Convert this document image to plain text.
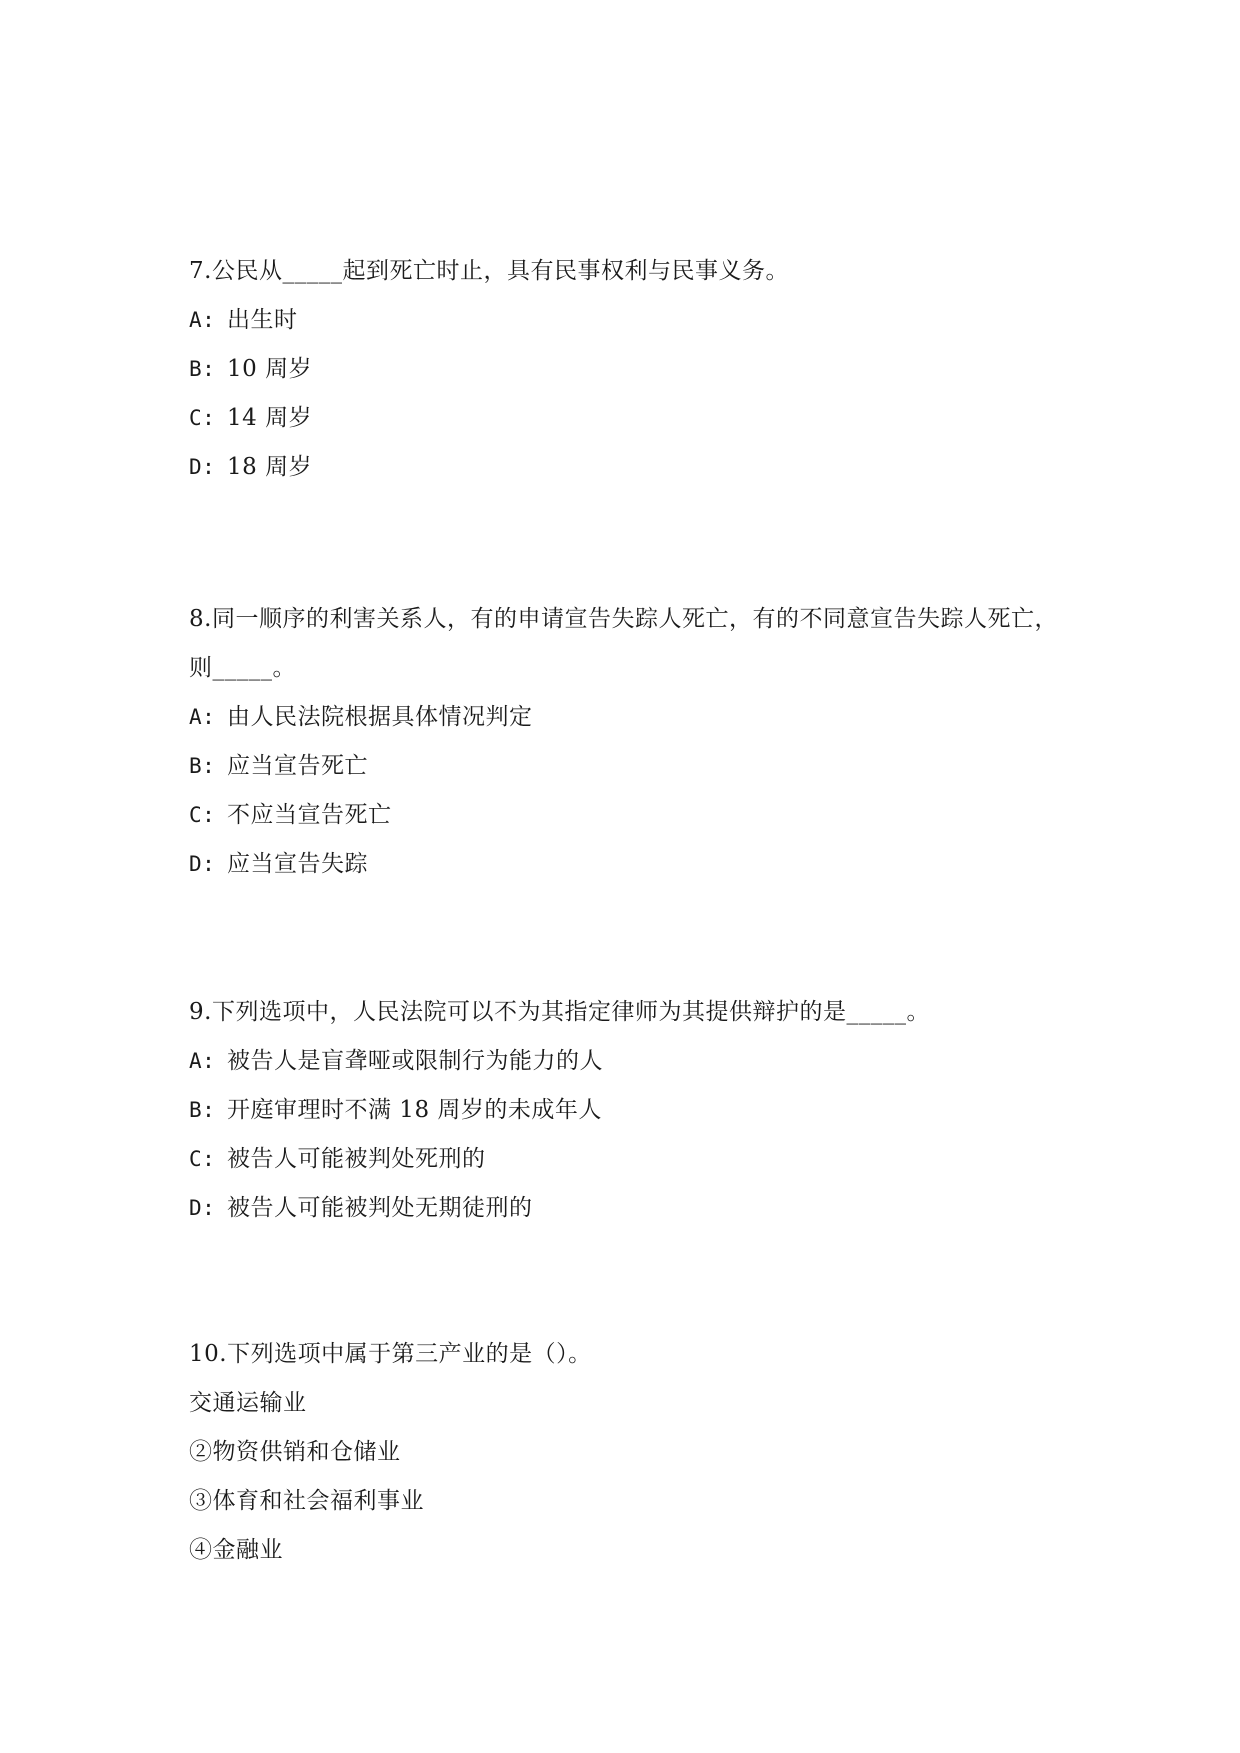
7.公民从_____起到死亡时止，具有民事权利与民事义务。

A: 出生时

B: 10 周岁

C: 14 周岁

D: 18 周岁

8.同一顺序的利害关系人，有的申请宣告失踪人死亡，有的不同意宣告失踪人死亡，则_____。

A: 由人民法院根据具体情况判定

B: 应当宣告死亡

C: 不应当宣告死亡

D: 应当宣告失踪

9.下列选项中，人民法院可以不为其指定律师为其提供辩护的是_____。

A: 被告人是盲聋哑或限制行为能力的人

B: 开庭审理时不满 18 周岁的未成年人

C: 被告人可能被判处死刑的

D: 被告人可能被判处无期徒刑的

10.下列选项中属于第三产业的是（）。

交通运输业

②物资供销和仓储业

③体育和社会福利事业

④金融业
